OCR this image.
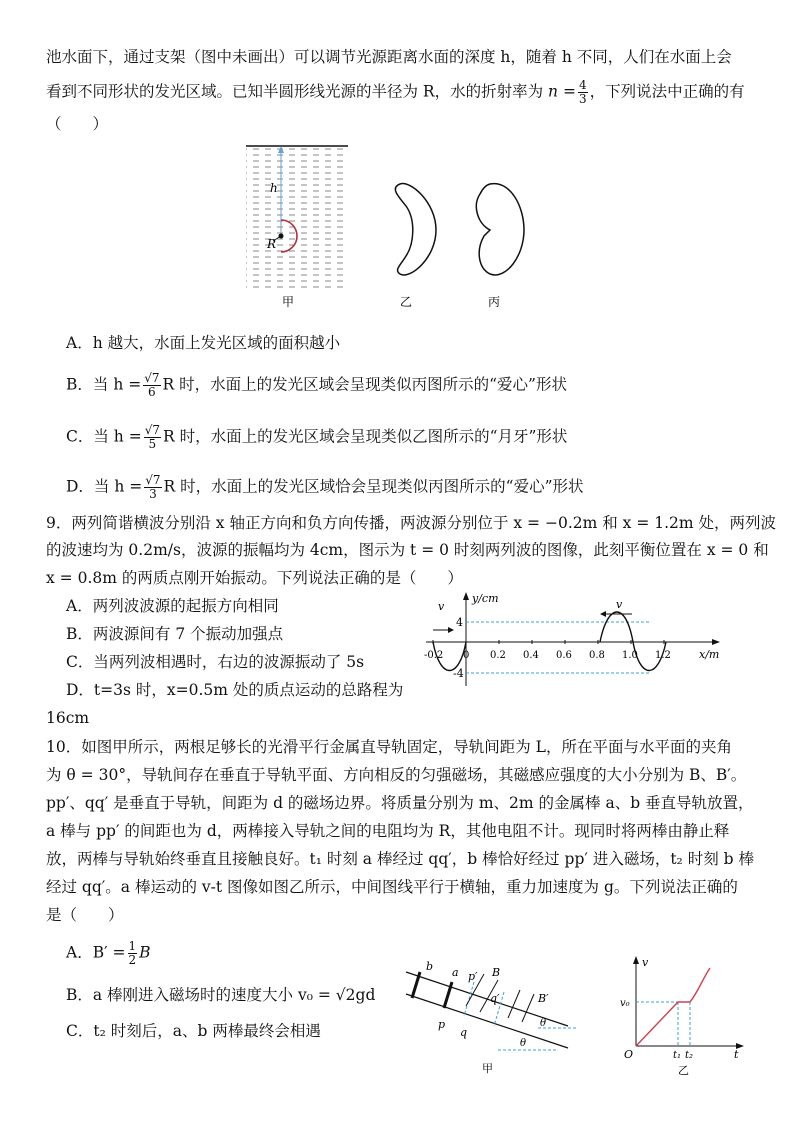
池水面下，通过支架（图中未画出）可以调节光源距离水面的深度 h，随着 h 不同，人们在水面上会
看到不同形状的发光区域。已知半圆形线光源的半径为 R，水的折射率为 $n = \frac{4}{3}$ ，下列说法中正确的有
（　　）
h
R
甲	乙	丙
A．h 越大，水面上发光区域的面积越小
B．当 $h = \frac{√7}{6}$ R 时，水面上的发光区域会呈现类似丙图所示的“爱心”形状
C．当 $h = \frac{√7}{5}$ R 时，水面上的发光区域会呈现类似乙图所示的“月牙”形状
D．当 $h = \frac{√7}{3}$ R 时，水面上的发光区域恰会呈现类似丙图所示的“爱心”形状
9．两列简谐横波分别沿 x 轴正方向和负方向传播，两波源分别位于 x = −0.2m 和 x = 1.2m 处，两列波
的波速均为 0.2m/s，波源的振幅均为 4cm，图示为 t = 0 时刻两列波的图像，此刻平衡位置在 x = 0 和
x = 0.8m 的两质点刚开始振动。下列说法正确的是（　　）
A．两列波波源的起振方向相同
B．两波源间有 7 个振动加强点
C．当两列波相遇时，右边的波源振动了 5s
D．t=3s 时，x=0.5m 处的质点运动的总路程为
16cm
y/cm
x/m
4
-4
v	v
-0.2 0 0.2 0.4 0.6 0.8 1.0 1.2
10．如图甲所示，两根足够长的光滑平行金属直导轨固定，导轨间距为 L，所在平面与水平面的夹角
为 θ = 30°，导轨间存在垂直于导轨平面、方向相反的匀强磁场，其磁感应强度的大小分别为 B、B′。
pp′、qq′ 是垂直于导轨，间距为 d 的磁场边界。将质量分别为 m、2m 的金属棒 a、b 垂直导轨放置，
a 棒与 pp′ 的间距也为 d，两棒接入导轨之间的电阻均为 R，其他电阻不计。现同时将两棒由静止释
放，两棒与导轨始终垂直且接触良好。t₁ 时刻 a 棒经过 qq′，b 棒恰好经过 pp′ 进入磁场，t₂ 时刻 b 棒
经过 qq′。a 棒运动的 v-t 图像如图乙所示，中间图线平行于横轴，重力加速度为 g。下列说法正确的
是（　　）
A．$B' = \frac{1}{2}$ B
B．a 棒刚进入磁场时的速度大小 v₀ = √2gd
C．t₂ 时刻后，a、b 两棒最终会相遇
b a
p
p′
q
q′
B
B′
θ
θ
甲
v
v₀
O	t
t₁ t₂
乙
